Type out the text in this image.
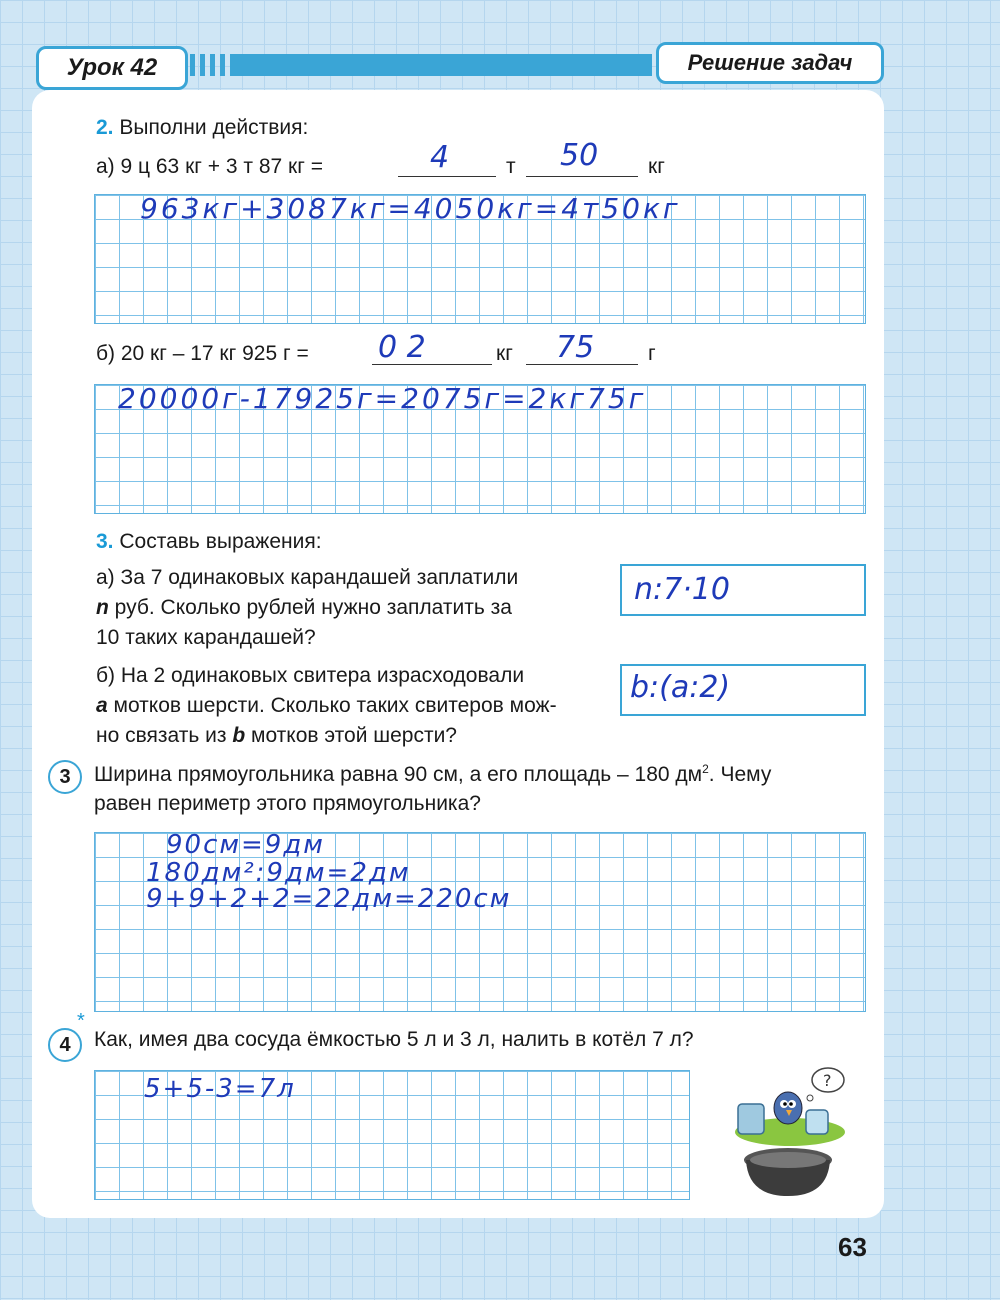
Урок 42	Решение задач
2. Выполни действия:
а) 9 ц 63 кг + 3 т 87 кг =	4	т 50 кг
963кг+3087кг=4050кг=4т50кг
б) 20 кг – 17 кг 925 г = 0 2	кг 75	г
20000г-17925г=2075г=2кг75г
3. Составь выражения:
а) За 7 одинаковых карандашей заплатили
n руб. Сколько рублей нужно заплатить за
10 таких карандашей?
n:7·10
б) На 2 одинаковых свитера израсходовали
a мотков шерсти. Сколько таких свитеров мож-
но связать из b мотков этой шерсти?
b:(a:2)
3	Ширина прямоугольника равна 90 см, а его площадь – 180 $дм^2$. Чему
равен периметр этого прямоугольника?
90см=9дм
180дм²:9дм=2дм
9+9+2+2=22дм=220см
4
*
Как, имея два сосуда ёмкостью 5 л и 3 л, налить в котёл 7 л?
5+5-3=7л	?
63
